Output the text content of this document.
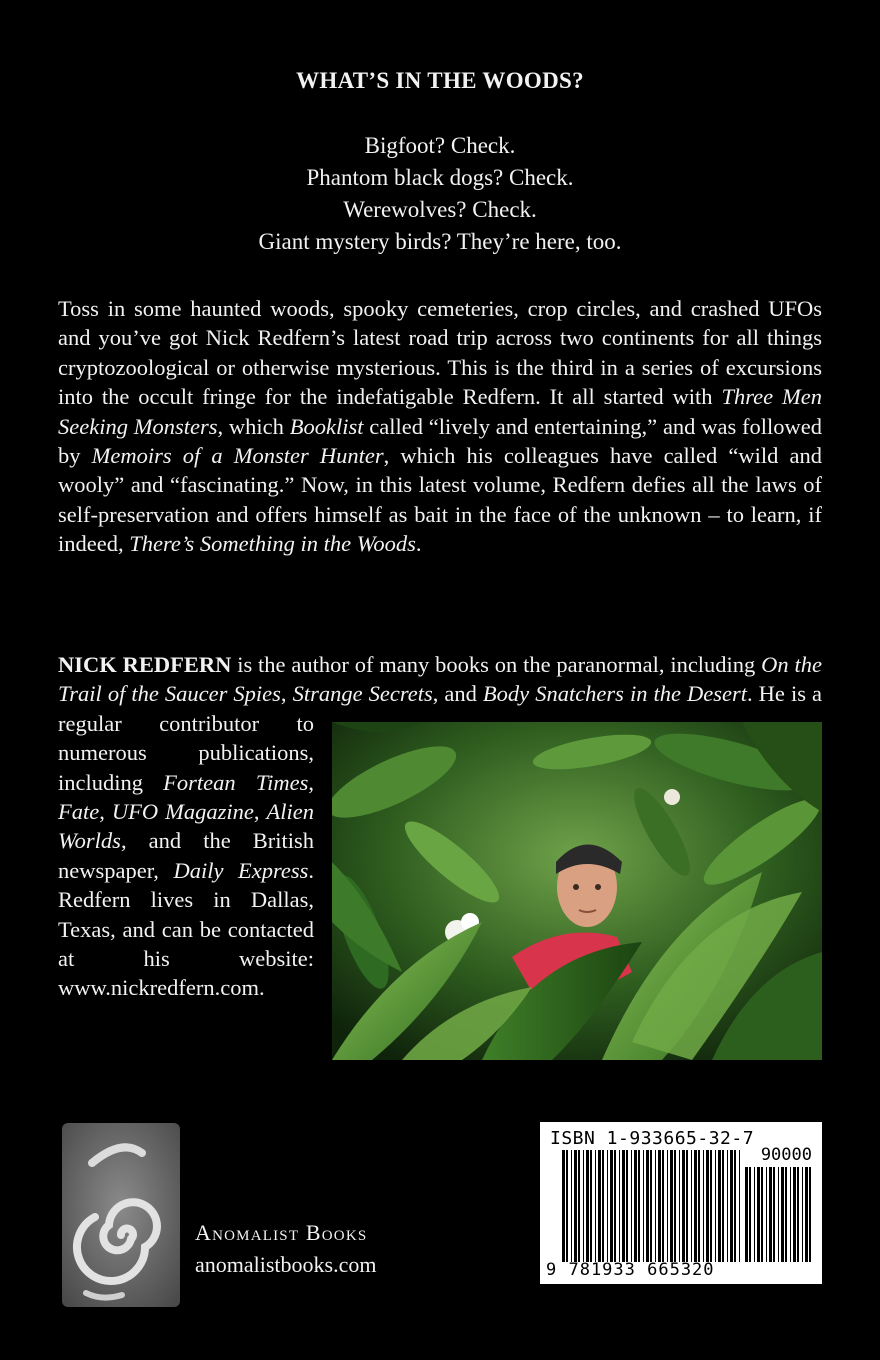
WHAT’S IN THE WOODS?
Bigfoot? Check.
Phantom black dogs? Check.
Werewolves? Check.
Giant mystery birds? They’re here, too.
Toss in some haunted woods, spooky cemeteries, crop circles, and crashed UFOs and you’ve got Nick Redfern’s latest road trip across two continents for all things cryptozoological or otherwise mysterious. This is the third in a series of excursions into the occult fringe for the indefatigable Redfern. It all started with Three Men Seeking Monsters, which Booklist called “lively and entertaining,” and was followed by Memoirs of a Monster Hunter, which his colleagues have called “wild and wooly” and “fascinating.” Now, in this latest volume, Redfern defies all the laws of self-preservation and offers himself as bait in the face of the unknown – to learn, if indeed, There’s Something in the Woods.
NICK REDFERN is the author of many books on the paranormal, including On the Trail of the Saucer Spies, Strange Secrets, and Body Snatchers in the Desert
. He is a regular contributor to numerous publications, including Fortean Times, Fate, UFO Magazine, Alien Worlds, and the British newspaper, Daily Express. Redfern lives in Dallas, Texas, and can be contacted at his website: www.nickredfern.com.
Anomalist Books
anomalistbooks.com
ISBN 1-933665-32-7
90000
9 781933 665320
